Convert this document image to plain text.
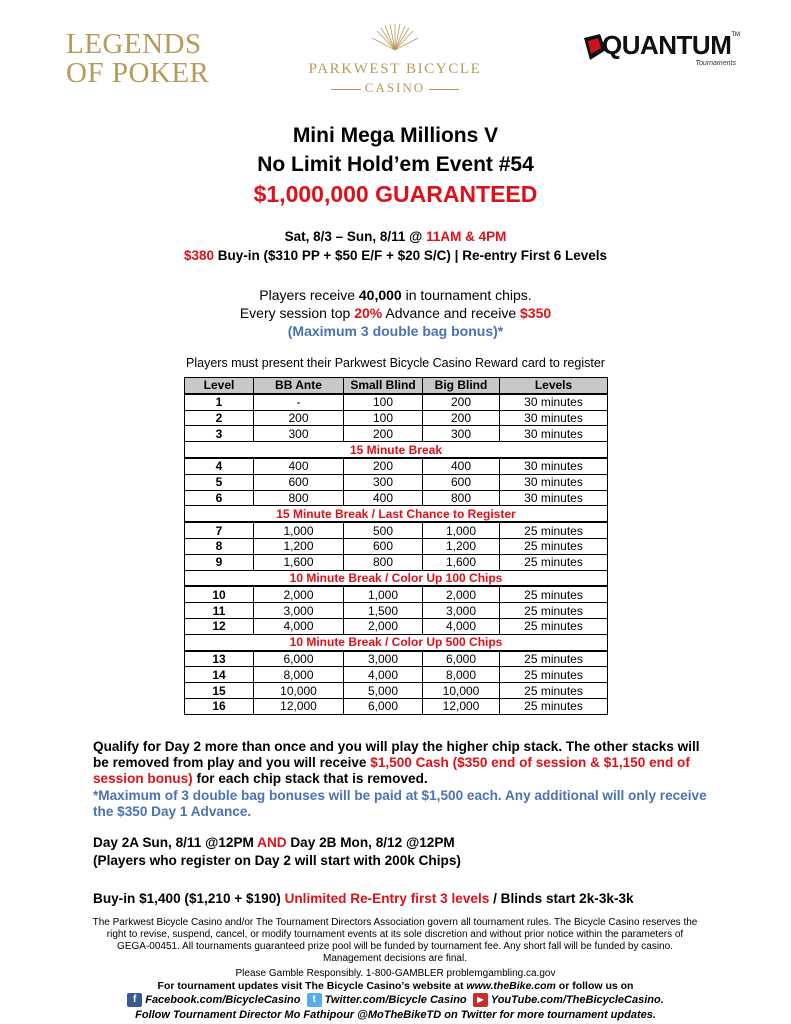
LEGENDS
OF POKER	PARKWEST BICYCLE
CASINO
QUANTUM TM
Tournaments
Mini Mega Millions V
No Limit Hold’em Event #54
$1,000,000 GUARANTEED
Sat, 8/3 – Sun, 8/11 @ 11AM & 4PM
$380 Buy-in ($310 PP + $50 E/F + $20 S/C) | Re-entry First 6 Levels
Players receive 40,000 in tournament chips.
Every session top 20% Advance and receive $350
(Maximum 3 double bag bonus)*
Players must present their Parkwest Bicycle Casino Reward card to register
Level	BB Ante	Small Blind	Big Blind	Levels
1	-	100	200	30 minutes
2	200	100	200	30 minutes
3	300	200	300	30 minutes
15 Minute Break				
4	400	200	400	30 minutes
5	600	300	600	30 minutes
6	800	400	800	30 minutes
15 Minute Break / Last Chance to Register				
7	1,000	500	1,000	25 minutes
8	1,200	600	1,200	25 minutes
9	1,600	800	1,600	25 minutes
10 Minute Break / Color Up 100 Chips				
10	2,000	1,000	2,000	25 minutes
11	3,000	1,500	3,000	25 minutes
12	4,000	2,000	4,000	25 minutes
10 Minute Break / Color Up 500 Chips				
13	6,000	3,000	6,000	25 minutes
14	8,000	4,000	8,000	25 minutes
15	10,000	5,000	10,000	25 minutes
16	12,000	6,000	12,000	25 minutes
Qualify for Day 2 more than once and you will play the higher chip stack. The other stacks will be removed from play and you will receive $1,500 Cash ($350 end of session & $1,150 end of session bonus) for each chip stack that is removed.
*Maximum of 3 double bag bonuses will be paid at $1,500 each. Any additional will only receive the $350 Day 1 Advance.
Day 2A Sun, 8/11 @12PM AND Day 2B Mon, 8/12 @12PM
(Players who register on Day 2 will start with 200k Chips)
Buy-in $1,400 ($1,210 + $190) Unlimited Re-Entry first 3 levels / Blinds start 2k-3k-3k
The Parkwest Bicycle Casino and/or The Tournament Directors Association govern all tournament rules. The Bicycle Casino reserves the right to revise, suspend, cancel, or modify tournament events at its sole discretion and without prior notice within the parameters of GEGA-00451. All tournaments guaranteed prize pool will be funded by tournament fee. Any short fall will be funded by casino. Management decisions are final.
Please Gamble Responsibly. 1-800-GAMBLER problemgambling.ca.gov
For tournament updates visit The Bicycle Casino’s website at www.theBike.com or follow us on
f Facebook.com/BicycleCasino t Twitter.com/Bicycle Casino ▶ YouTube.com/TheBicycleCasino.
Follow Tournament Director Mo Fathipour @MoTheBikeTD on Twitter for more tournament updates.
